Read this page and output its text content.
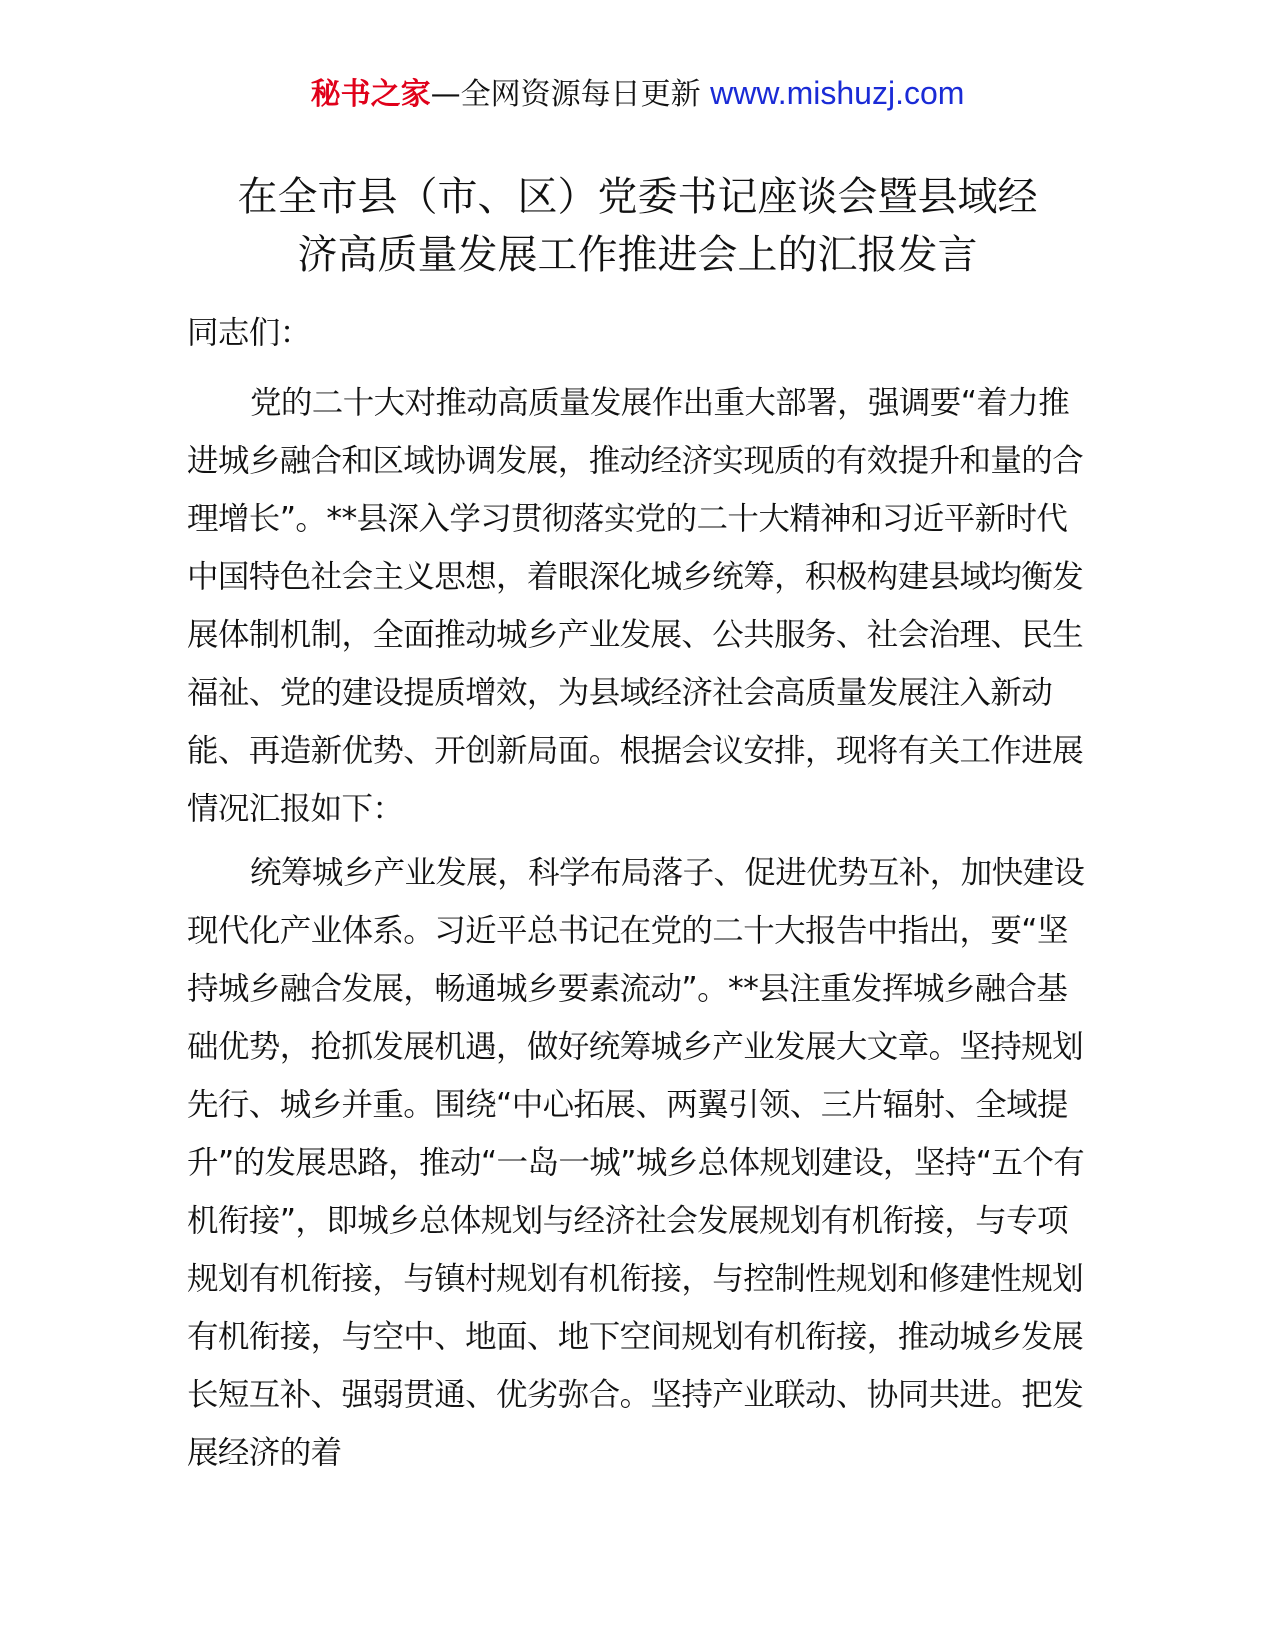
秘书之家—全网资源每日更新 www.mishuzj.com
在全市县（市、区）党委书记座谈会暨县域经
济高质量发展工作推进会上的汇报发言

同志们：

党的二十大对推动高质量发展作出重大部署，强调要“着力推进城乡融合和区域协调发展，推动经济实现质的有效提升和量的合理增长”。**县深入学习贯彻落实党的二十大精神和习近平新时代中国特色社会主义思想，着眼深化城乡统筹，积极构建县域均衡发展体制机制，全面推动城乡产业发展、公共服务、社会治理、民生福祉、党的建设提质增效，为县域经济社会高质量发展注入新动能、再造新优势、开创新局面。根据会议安排，现将有关工作进展情况汇报如下：

统筹城乡产业发展，科学布局落子、促进优势互补，加快建设现代化产业体系。习近平总书记在党的二十大报告中指出，要“坚持城乡融合发展，畅通城乡要素流动”。**县注重发挥城乡融合基础优势，抢抓发展机遇，做好统筹城乡产业发展大文章。坚持规划先行、城乡并重。围绕“中心拓展、两翼引领、三片辐射、全域提升”的发展思路，推动“一岛一城”城乡总体规划建设，坚持“五个有机衔接”，即城乡总体规划与经济社会发展规划有机衔接，与专项规划有机衔接，与镇村规划有机衔接，与控制性规划和修建性规划有机衔接，与空中、地面、地下空间规划有机衔接，推动城乡发展长短互补、强弱贯通、优劣弥合。坚持产业联动、协同共进。把发展经济的着
